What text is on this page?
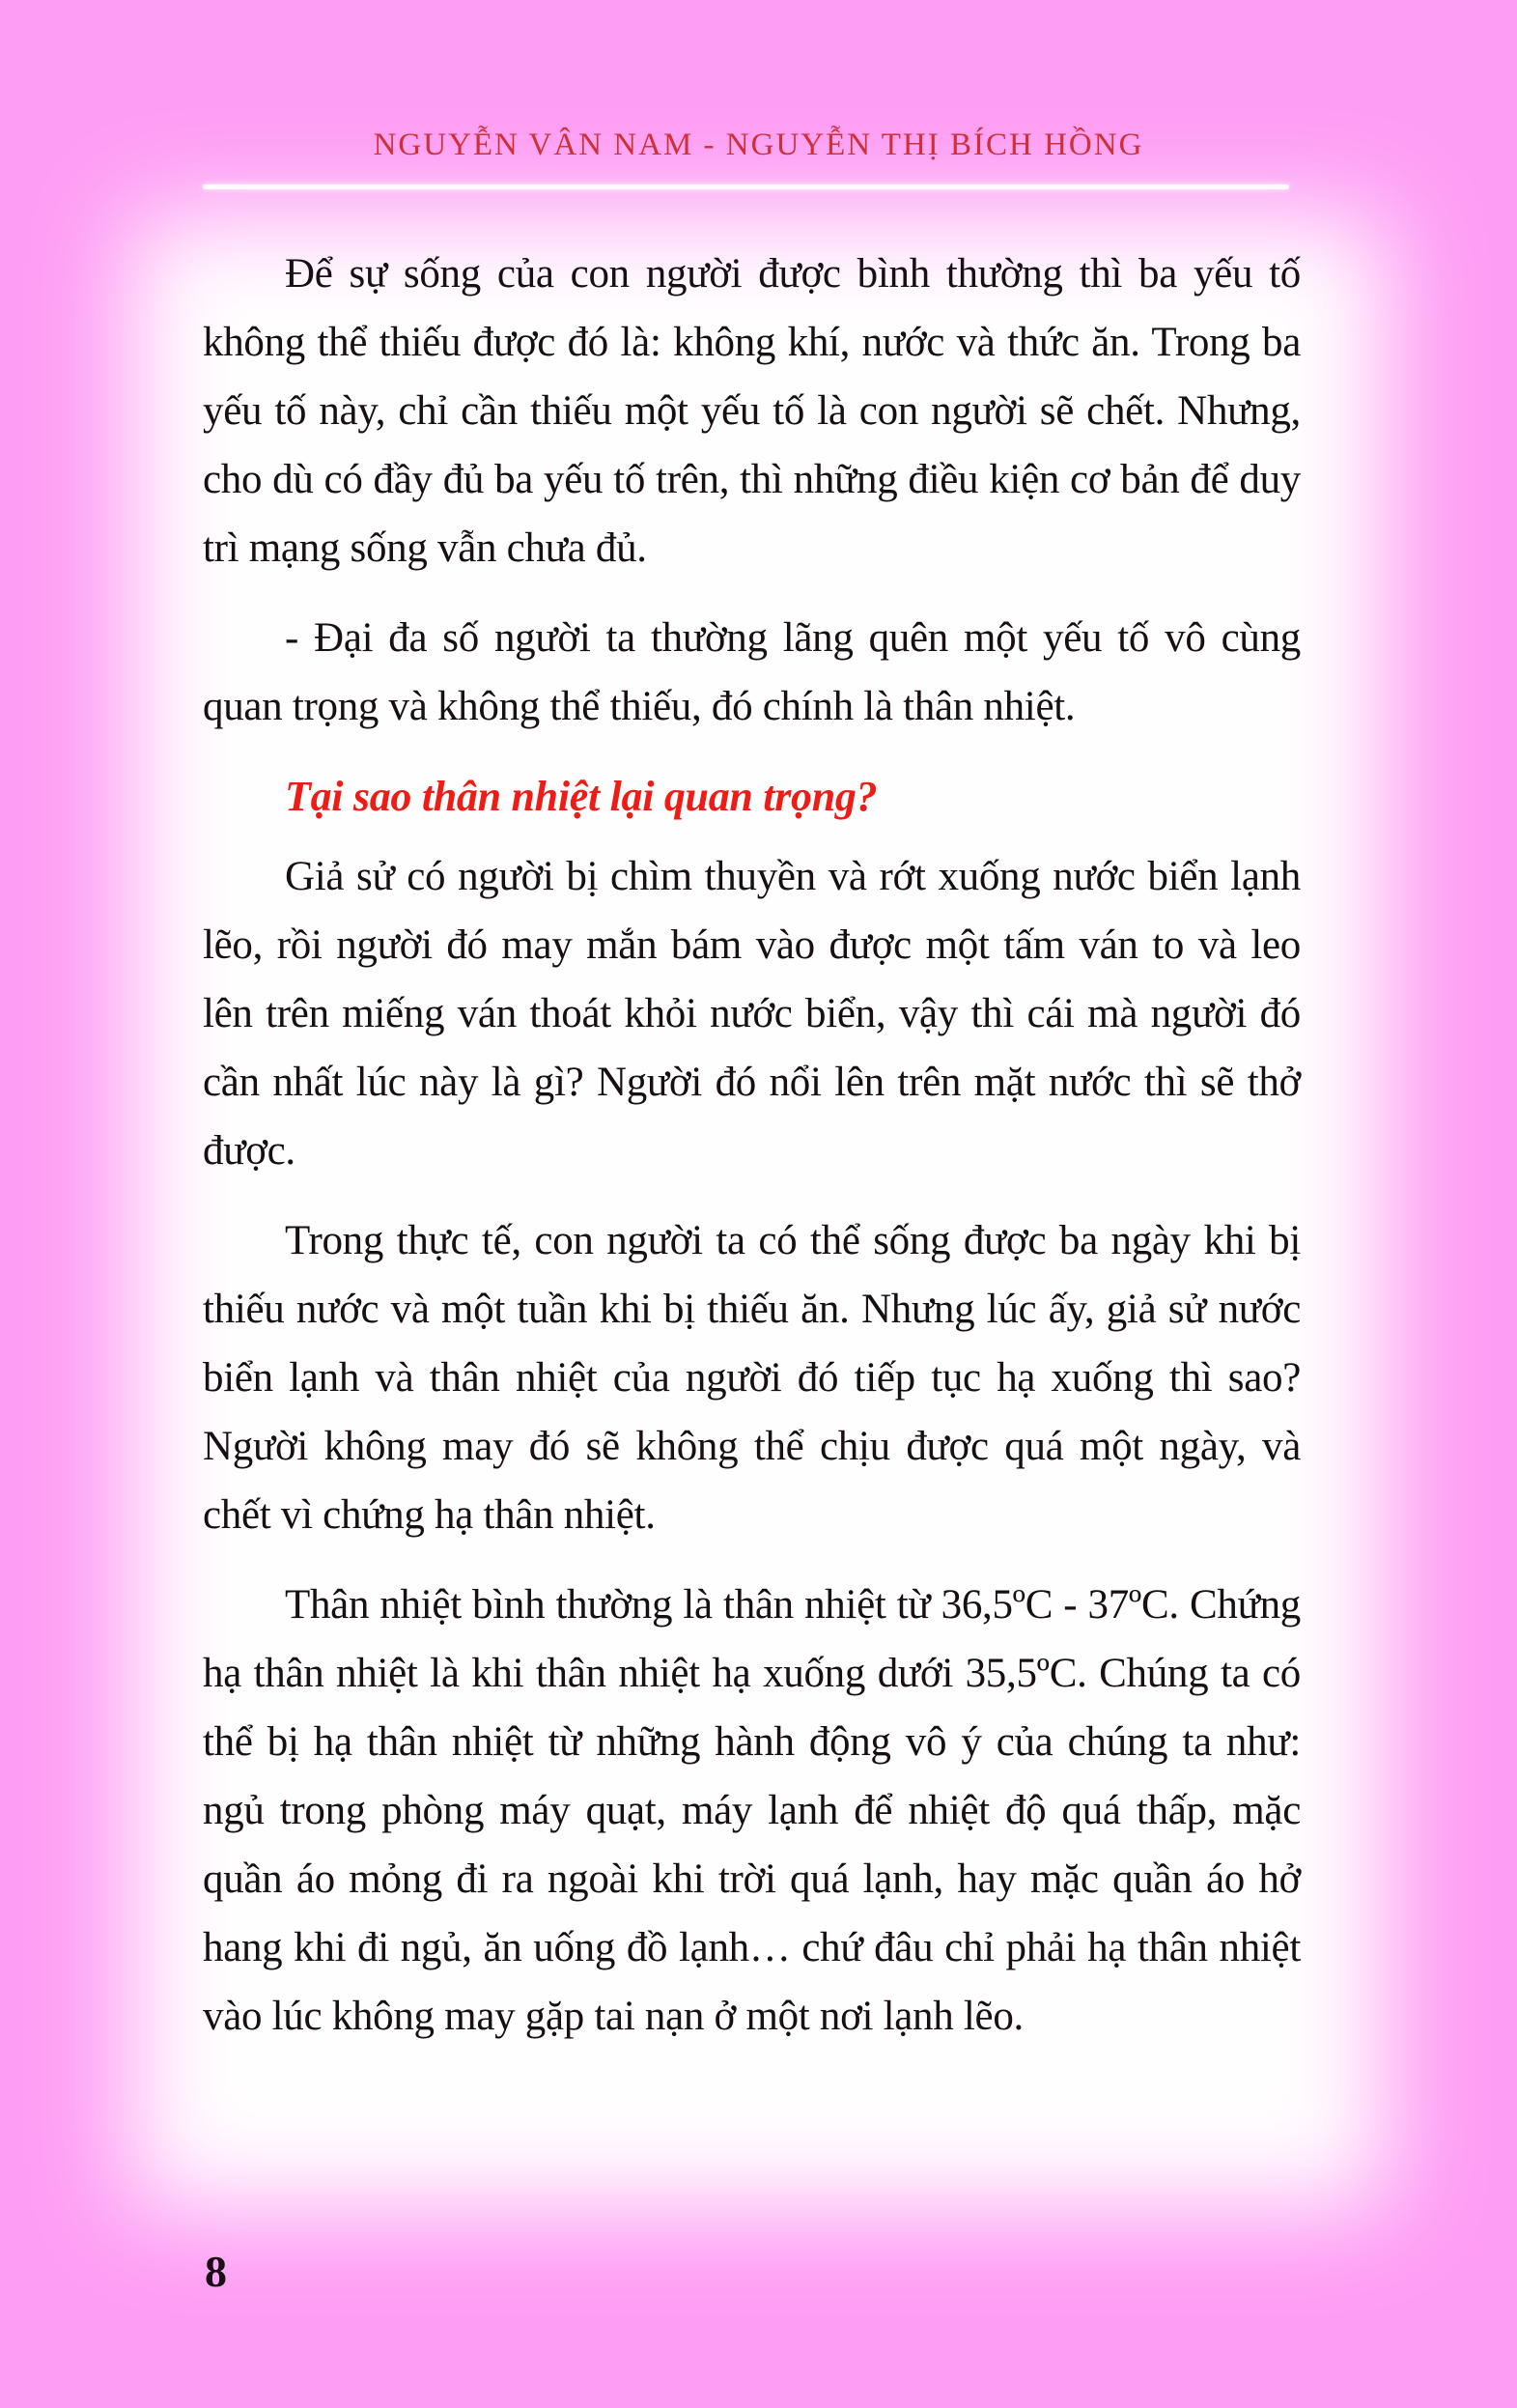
NGUYỄN VÂN NAM - NGUYỄN THỊ BÍCH HỒNG

Để sự sống của con người được bình thường thì ba yếu tố không thể thiếu được đó là: không khí, nước và thức ăn. Trong ba yếu tố này, chỉ cần thiếu một yếu tố là con người sẽ chết. Nhưng, cho dù có đầy đủ ba yếu tố trên, thì những điều kiện cơ bản để duy trì mạng sống vẫn chưa đủ.

- Đại đa số người ta thường lãng quên một yếu tố vô cùng quan trọng và không thể thiếu, đó chính là thân nhiệt.

Tại sao thân nhiệt lại quan trọng?

Giả sử có người bị chìm thuyền và rớt xuống nước biển lạnh lẽo, rồi người đó may mắn bám vào được một tấm ván to và leo lên trên miếng ván thoát khỏi nước biển, vậy thì cái mà người đó cần nhất lúc này là gì? Người đó nổi lên trên mặt nước thì sẽ thở được.

Trong thực tế, con người ta có thể sống được ba ngày khi bị thiếu nước và một tuần khi bị thiếu ăn. Nhưng lúc ấy, giả sử nước biển lạnh và thân nhiệt của người đó tiếp tục hạ xuống thì sao? Người không may đó sẽ không thể chịu được quá một ngày, và chết vì chứng hạ thân nhiệt.

Thân nhiệt bình thường là thân nhiệt từ 36,5ºC - 37ºC. Chứng hạ thân nhiệt là khi thân nhiệt hạ xuống dưới 35,5ºC. Chúng ta có thể bị hạ thân nhiệt từ những hành động vô ý của chúng ta như: ngủ trong phòng máy quạt, máy lạnh để nhiệt độ quá thấp, mặc quần áo mỏng đi ra ngoài khi trời quá lạnh, hay mặc quần áo hở hang khi đi ngủ, ăn uống đồ lạnh… chứ đâu chỉ phải hạ thân nhiệt vào lúc không may gặp tai nạn ở một nơi lạnh lẽo.

8
